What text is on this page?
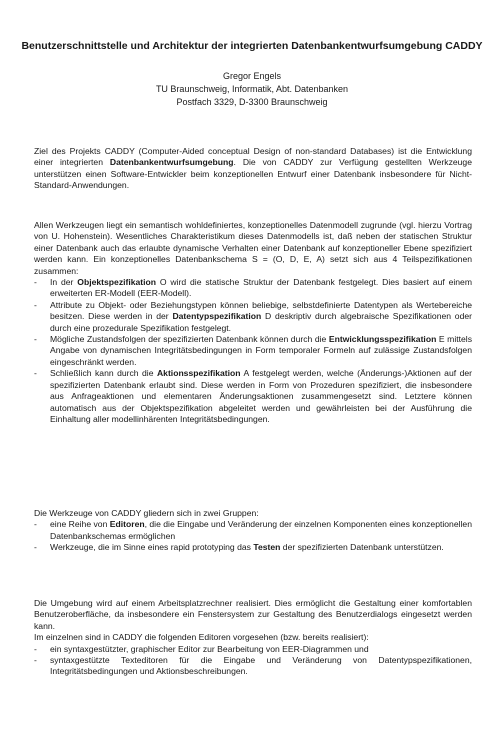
Benutzerschnittstelle und Architektur der integrierten Datenbankentwurfsumgebung CADDY
Gregor Engels
TU Braunschweig, Informatik, Abt. Datenbanken
Postfach 3329, D-3300 Braunschweig

Ziel des Projekts CADDY (Computer-Aided conceptual Design of non-standard Databases) ist die Entwicklung einer integrierten Datenbankentwurfsumgebung. Die von CADDY zur Verfügung gestellten Werkzeuge unterstützen einen Software-Entwickler beim konzeptionellen Entwurf einer Datenbank insbesondere für Nicht-Standard-Anwendungen.

Allen Werkzeugen liegt ein semantisch wohldefiniertes, konzeptionelles Datenmodell zugrunde (vgl. hierzu Vortrag von U. Hohenstein). Wesentliches Charakteristikum dieses Datenmodells ist, daß neben der statischen Struktur einer Datenbank auch das erlaubte dynamische Verhalten einer Datenbank auf konzeptioneller Ebene spezifiziert werden kann. Ein konzeptionelles Datenbankschema S = (O, D, E, A) setzt sich aus 4 Teilspezifikationen zusammen:

- In der Objektspezifikation O wird die statische Struktur der Datenbank festgelegt. Dies basiert auf einem erweiterten ER-Modell (EER-Modell).
- Attribute zu Objekt- oder Beziehungstypen können beliebige, selbstdefinierte Datentypen als Wertebereiche besitzen. Diese werden in der Datentypspezifikation D deskriptiv durch algebraische Spezifikationen oder durch eine prozedurale Spezifikation festgelegt.
- Mögliche Zustandsfolgen der spezifizierten Datenbank können durch die Entwicklungsspezifikation E mittels Angabe von dynamischen Integritätsbedingungen in Form temporaler Formeln auf zulässige Zustandsfolgen eingeschränkt werden.
- Schließlich kann durch die Aktionsspezifikation A festgelegt werden, welche (Änderungs-)Aktionen auf der spezifizierten Datenbank erlaubt sind. Diese werden in Form von Prozeduren spezifiziert, die insbesondere aus Anfrageaktionen und elementaren Änderungsaktionen zusammengesetzt sind. Letztere können automatisch aus der Objektspezifikation abgeleitet werden und gewährleisten bei der Ausführung die Einhaltung aller modellinhärenten Integritätsbedingungen.

Die Werkzeuge von CADDY gliedern sich in zwei Gruppen:

- eine Reihe von Editoren, die die Eingabe und Veränderung der einzelnen Komponenten eines konzeptionellen Datenbankschemas ermöglichen
- Werkzeuge, die im Sinne eines rapid prototyping das Testen der spezifizierten Datenbank unterstützen.

Die Umgebung wird auf einem Arbeitsplatzrechner realisiert. Dies ermöglicht die Gestaltung einer komfortablen Benutzeroberfläche, da insbesondere ein Fenstersystem zur Gestaltung des Benutzerdialogs eingesetzt werden kann.

Im einzelnen sind in CADDY die folgenden Editoren vorgesehen (bzw. bereits realisiert):

- ein syntaxgestützter, graphischer Editor zur Bearbeitung von EER-Diagrammen und
- syntaxgestützte Texteditoren für die Eingabe und Veränderung von Datentypspezifikationen, Integritätsbedingungen und Aktionsbeschreibungen.
